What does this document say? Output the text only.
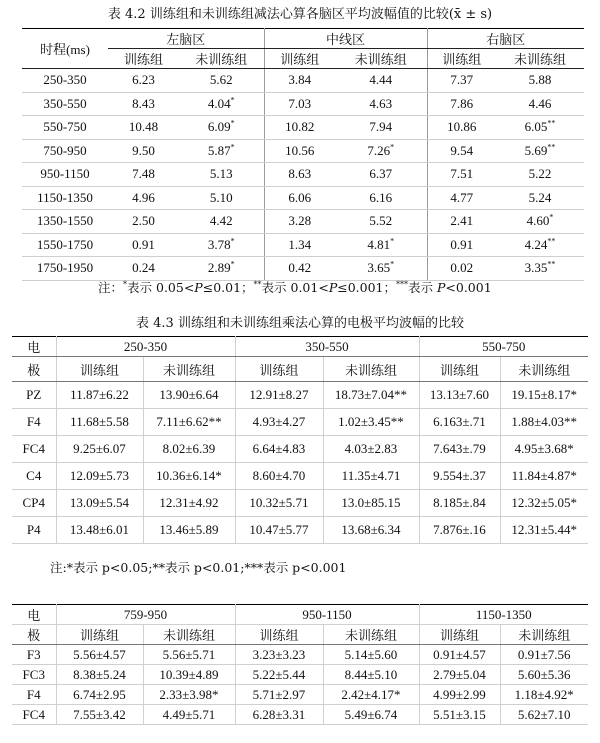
表 4.2 训练组和未训练组减法心算各脑区平均波幅值的比较(x̄ ± s)
时程(ms)	左脑区		中线区		右脑区	
	训练组	未训练组	训练组	未训练组	训练组	未训练组
250-350	6.23	5.62	3.84	4.44	7.37	5.88
350-550	8.43	4.04*	7.03	4.63	7.86	4.46
550-750	10.48	6.09*	10.82	7.94	10.86	6.05**
750-950	9.50	5.87*	10.56	7.26*	9.54	5.69**
950-1150	7.48	5.13	8.63	6.37	7.51	5.22
1150-1350	4.96	5.10	6.06	6.16	4.77	5.24
1350-1550	2.50	4.42	3.28	5.52	2.41	4.60*
1550-1750	0.91	3.78*	1.34	4.81*	0.91	4.24**
1750-1950	0.24	2.89*	0.42	3.65*	0.02	3.35**
注：*表示 0.05<P≤0.01；**表示 0.01<P≤0.001；***表示 P<0.001
表 4.3 训练组和未训练组乘法心算的电极平均波幅的比较
电	250-350		350-550		550-750	
极	训练组	未训练组	训练组	未训练组	训练组	未训练组
PZ	11.87±6.22	13.90±6.64	12.91±8.27	18.73±7.04**	13.13±7.60	19.15±8.17*
F4	11.68±5.58	7.11±6.62**	4.93±4.27	1.02±3.45**	6.163±.71	1.88±4.03**
FC4	9.25±6.07	8.02±6.39	6.64±4.83	4.03±2.83	7.643±.79	4.95±3.68*
C4	12.09±5.73	10.36±6.14*	8.60±4.70	11.35±4.71	9.554±.37	11.84±4.87*
CP4	13.09±5.54	12.31±4.92	10.32±5.71	13.0±85.15	8.185±.84	12.32±5.05*
P4	13.48±6.01	13.46±5.89	10.47±5.77	13.68±6.34	7.876±.16	12.31±5.44*
注:*表示 p<0.05;**表示 p<0.01;***表示 p<0.001
电	759-950		950-1150		1150-1350	
极	训练组	未训练组	训练组	未训练组	训练组	未训练组
F3	5.56±4.57	5.56±5.71	3.23±3.23	5.14±5.60	0.91±4.57	0.91±7.56
FC3	8.38±5.24	10.39±4.89	5.22±5.44	8.44±5.10	2.79±5.04	5.60±5.36
F4	6.74±2.95	2.33±3.98*	5.71±2.97	2.42±4.17*	4.99±2.99	1.18±4.92*
FC4	7.55±3.42	4.49±5.71	6.28±3.31	5.49±6.74	5.51±3.15	5.62±7.10
